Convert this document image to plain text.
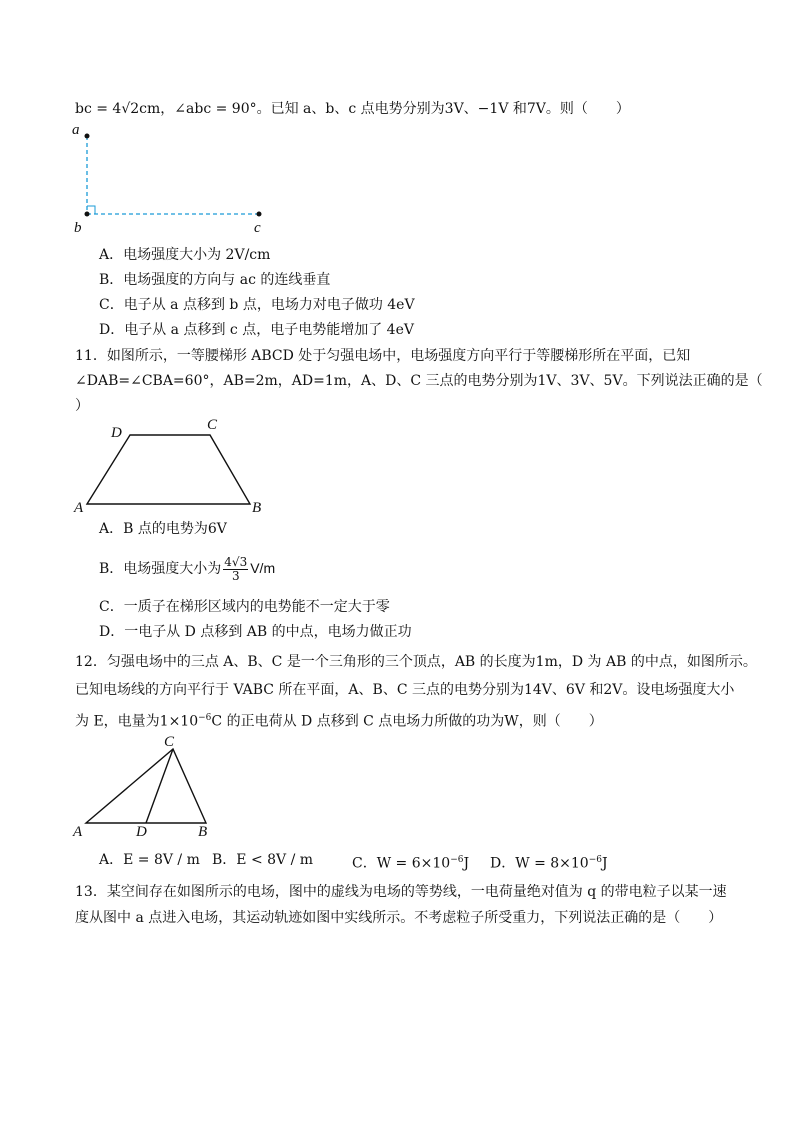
bc = 4√2cm，∠abc = 90°。已知 a、b、c 点电势分别为3V、−1V 和7V。则（　　）
a
b	c
A．电场强度大小为 2V/cm
B．电场强度的方向与 ac 的连线垂直
C．电子从 a 点移到 b 点，电场力对电子做功 4eV
D．电子从 a 点移到 c 点，电子电势能增加了 4eV
11．如图所示，一等腰梯形 ABCD 处于匀强电场中，电场强度方向平行于等腰梯形所在平面，已知
∠DAB=∠CBA=60°，AB=2m，AD=1m，A、D、C 三点的电势分别为1V、3V、5V。下列说法正确的是（
）
A	B
C
D
A．B 点的电势为6V
B．电场强度大小为 $\frac{4√3}{3} V/m$
C．一质子在梯形区域内的电势能不一定大于零
D．一电子从 D 点移到 AB 的中点，电场力做正功
12．匀强电场中的三点 A、B、C 是一个三角形的三个顶点，AB 的长度为1m，D 为 AB 的中点，如图所示。
已知电场线的方向平行于 VABC 所在平面，A、B、C 三点的电势分别为14V、6V 和2V。设电场强度大小
为 E，电量为$1\times 10^{-6}C$ 的正电荷从 D 点移到 C 点电场力所做的功为W，则（　　）
A	B
C
D
A．E = 8V / m B．E < 8V / m	C．$W = 6\times 10^{-6}J$ D．$W = 8\times 10^{-6}J$
13．某空间存在如图所示的电场，图中的虚线为电场的等势线，一电荷量绝对值为 q 的带电粒子以某一速
度从图中 a 点进入电场，其运动轨迹如图中实线所示。不考虑粒子所受重力，下列说法正确的是（　　）
